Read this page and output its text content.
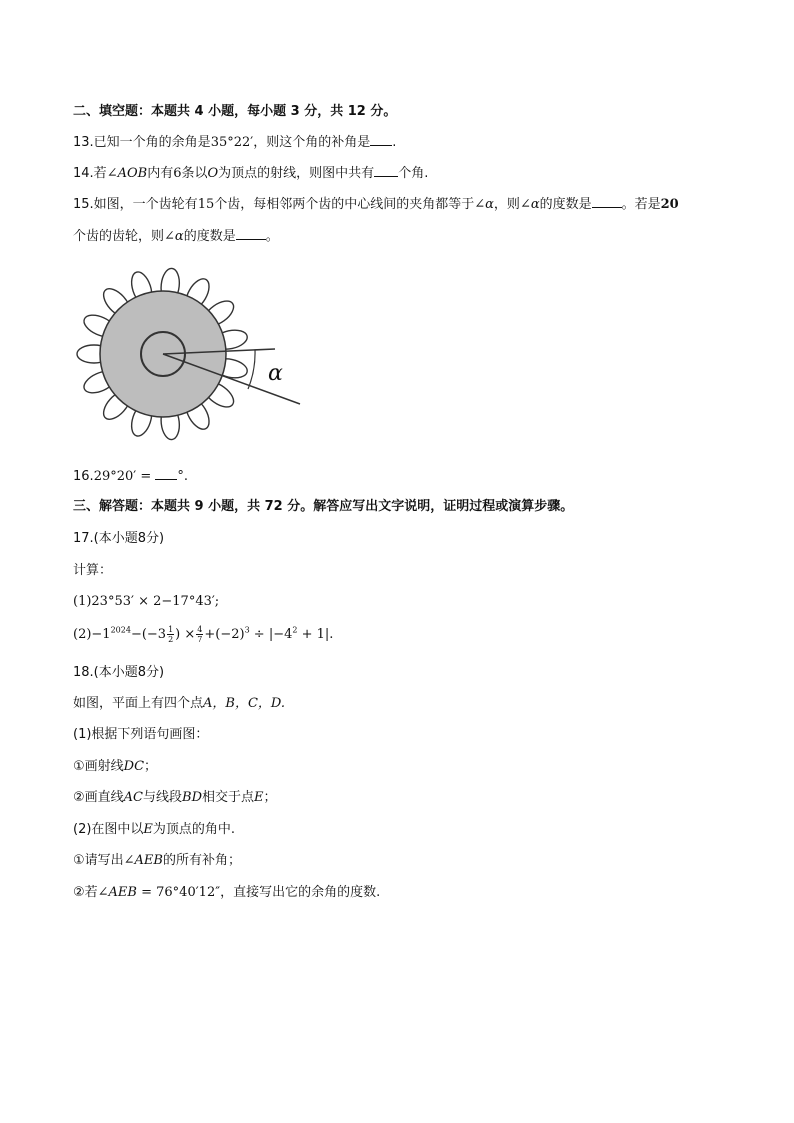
二、填空题：本题共 4 小题，每小题 3 分，共 12 分。
13.已知一个角的余角是35°22′，则这个角的补角是 .
14.若∠AOB内有6条以O为顶点的射线，则图中共有 个角.
15.如图，一个齿轮有15个齿，每相邻两个齿的中心线间的夹角都等于∠α，则∠α的度数是 。若是20
个齿的齿轮，则∠α的度数是 。
α
16.29°20′ = °.
三、解答题：本题共 9 小题，共 72 分。解答应写出文字说明，证明过程或演算步骤。
17.(本小题8分)
计算：
(1)23°53′ × 2−17°43′;
$(2)-1^{2024}-(-3 \frac{1}{2}$ ) × $\frac{4}{7} +(-2)^3 \div |-4^2 + 1|$.
18.(本小题8分)
如图，平面上有四个点A，B，C，D.
(1)根据下列语句画图：
①画射线DC；
②画直线AC与线段BD相交于点E；
(2)在图中以E为顶点的角中.
①请写出∠AEB的所有补角；
②若∠AEB = 76°40′12″，直接写出它的余角的度数.
